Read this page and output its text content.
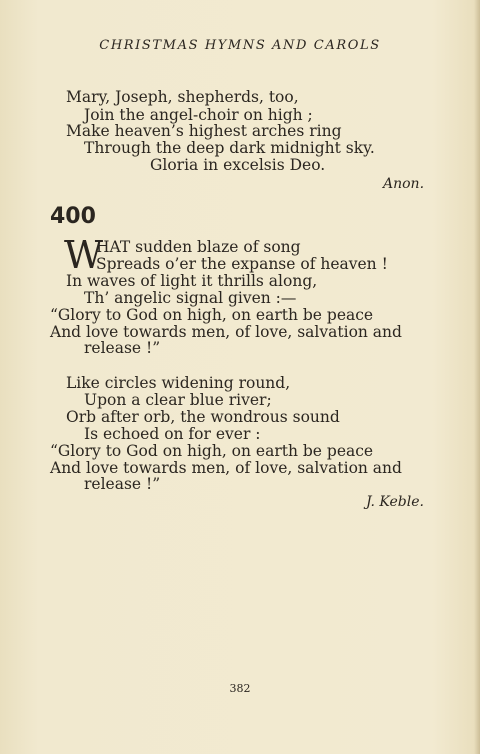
CHRISTMAS HYMNS AND CAROLS
Mary, Joseph, shepherds, too,
Join the angel-choir on high ;
Make heaven’s highest arches ring
Through the deep dark midnight sky.
Gloria in excelsis Deo.
Anon.
400
W
HAT sudden blaze of song
Spreads o’er the expanse of heaven !
In waves of light it thrills along,
Th’ angelic signal given :—
“Glory to God on high, on earth be peace
And love towards men, of love, salvation and
release !”
Like circles widening round,
Upon a clear blue river;
Orb after orb, the wondrous sound
Is echoed on for ever :
“Glory to God on high, on earth be peace
And love towards men, of love, salvation and
release !”
J. Keble.
382
